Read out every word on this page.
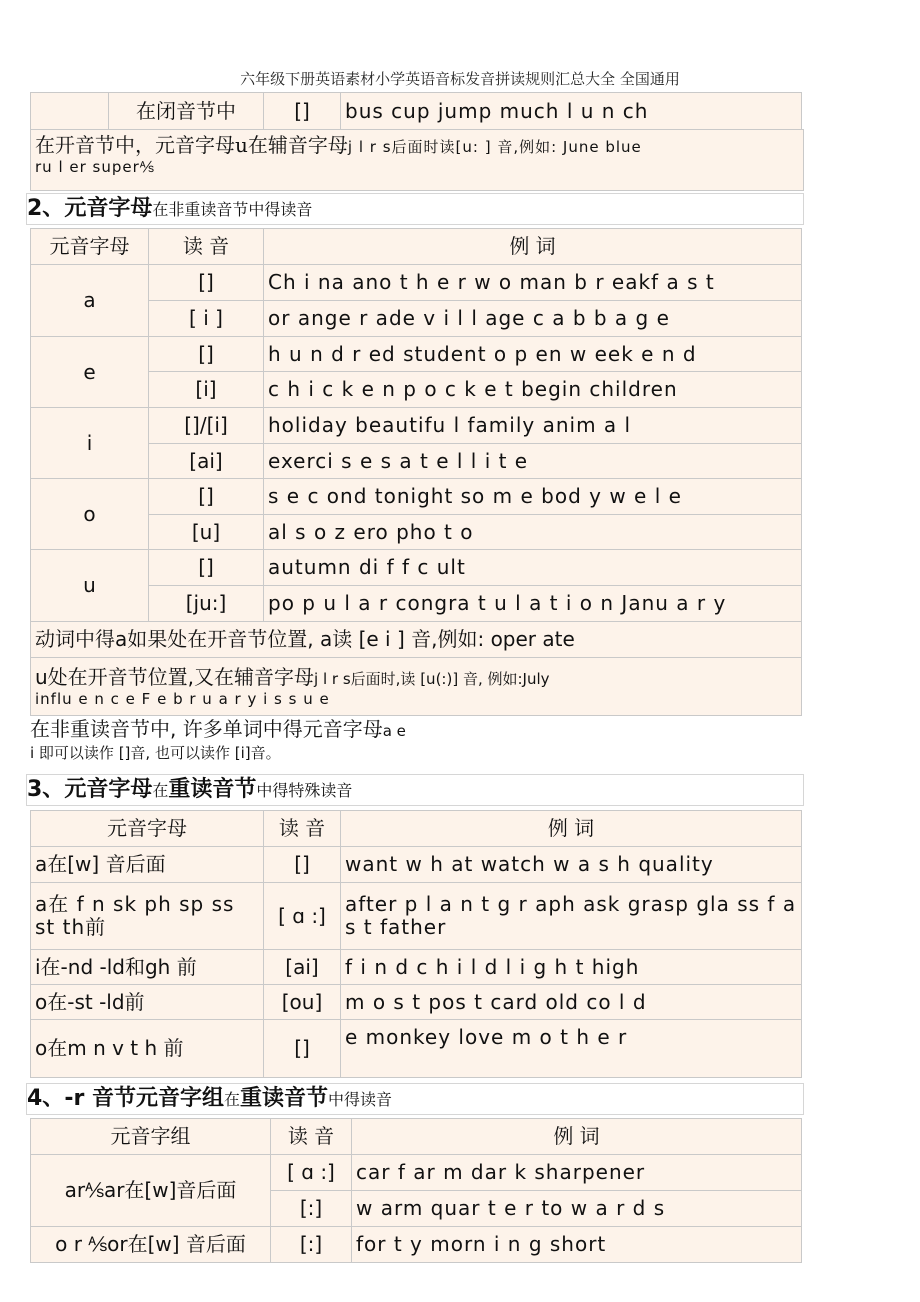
六年级下册英语素材小学英语音标发音拼读规则汇总大全 全国通用
	在闭音节中	[]	bus cup jump much l u n ch
在开音节中，元音字母u在辅音字母j l r s后面时读[u: ] 音,例如: June blue
ru l er super⅍
2、元音字母在非重读音节中得读音
元音字母	读 音	例 词
a	[]	Ch i na ano t h e r w o man b r eakf a s t
	[ i ]	or ange r ade v i l l age c a b b a g e
e	[]	h u n d r ed student o p en w eek e n d
	[i]	c h i c k e n p o c k e t begin children
i	[]/[i]	holiday beautifu l family anim a l
	[ai]	exerci s e s a t e l l i t e
o	[]	s e c ond tonight so m e bod y w e l e
	[u]	al s o z ero pho t o
u	[]	autumn di f f c ult
	[ju:]	po p u l a r congra t u l a t i o n Janu a r y
动词中得a如果处在开音节位置, a读 [e i ] 音,例如: oper ate		

u处在开音节位置,又在辅音字母j l r s后面时,读 [u(:)] 音, 例如:July
influ e n c e F e b r u a r y i s s u e		
在非重读音节中, 许多单词中得元音字母a e
i 即可以读作 []音, 也可以读作 [i]音。
3、元音字母在重读音节中得特殊读音
元音字母	读 音	例 词
a在[w] 音后面	[]	want w h at watch w a s h quality
a在 f n sk ph sp ss st th前	[ ɑ :]	after p l a n t g r aph ask grasp gla ss f a s t father
i在-nd -ld和gh 前	[ai]	f i n d c h i l d l i g h t high
o在-st -ld前	[ou]	m o s t pos t card old co l d
o在m n v t h 前	[]	e monkey love m o t h e r
4、-r 音节元音字组在重读音节中得读音
元音字组	读 音	例 词
ar⅍ar在[w]音后面	[ ɑ :]	car f ar m dar k sharpener
	[:]	w arm quar t e r to w a r d s
o r ⅍or在[w] 音后面	[:]	for t y morn i n g short
